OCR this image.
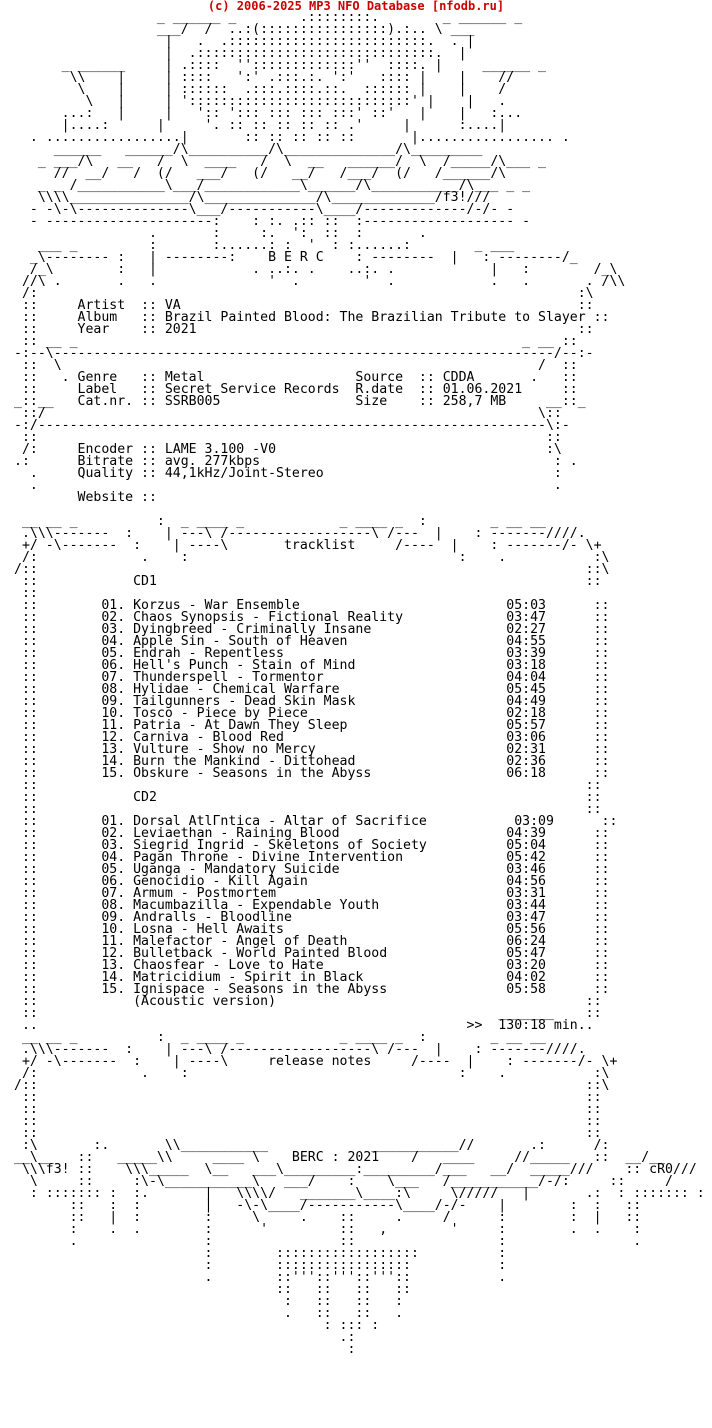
(c) 2006-2025 MP3 NFO Database [nfodb.ru]
_ ______ _        .::::::::.        _ ______ _
___/  /  ..:(::::::::::::::::).:.. \ ___
|   .  .:::::::::::::::::::::::::.  . |
|  .::::::::::::::::::::::::::::::.  |
_ ______     | .::::  '':::::::::::::''  ::::. |     ______ _
\\    |     | ::::   ':' .:::.:. ':'   :::: |    |    //
\    |     | ::::::  .:::.::::.::.  :::::: |    |    /
\   |     | '::::::::::::::::::::::::::::' |    |   .
...:   |     |   ':: '::: ::: ::: :::' ::'   |    |   :...
|....:      |     '. :: :: :: :: :: .'     |      :....|
. .................|       :: :: :: :: ::       |................. .
______   ______/\__________/\______________/\_________
_ ___/\   __   /  \  ____   /  \  __   ______/  \  /_____/\___ _
//  __/   /  (/   ___/   (/   __/   /___/  (/   /______/\
_ _ /___________\___/____________\______/\___________/\___ _ _
\\\\_______________/\______________/\_____________/f3!///
- -\-\--------------\___/-----------\____/-------------/-/- -
- ---------------------:    : :. .:: ::  :------------------- -
.       :     :.  ':  ::  :       .
___ _         :       :......: :  '  : :......:        _ ___
_\-------- :   | --------:    B E R C    : --------  |   : --------/_
/_\        :   |            . ..:. .    ..:. .            |   :        /_\
//\ .       .   .              '  .        '  .            .   .       . /\\
/:                                                                    :\
::     Artist  :: VA                                                  ::
::     Album   :: Brazil Painted Blood: The Brazilian Tribute to Slayer ::
::     Year    :: 2021                                                ::
:: __ _                                                        _ __ ::
-:--\---------------------------------------------------------------/--:-
::  \                                                            /  ::
::   . Genre   :: Metal                   Source  :: CDDA       .   ::
::     Label   :: Secret Service Records  R.date  :: 01.06.2021     ::
_::__   Cat.nr. :: SSRB005                 Size    :: 258,7 MB     __::_
::/                                                              \::
-:/----------------------------------------------------------------\:-
::                                                                ::
/:     Encoder :: LAME 3.100 -V0                                  :\
.:      Bitrate :: avg. 277kbps                                     : .
.     Quality :: 44,1kHz/Joint-Stereo                             :
.                                                                 .
Website ::

__ __ _          :  _ ____ _            _ ____ _  :        _ __ __
.\\\-------  :    | ---\ /------------------\ /---  |    : -------////.
+/ -\-------  :    | ----\       tracklist     /----  |    : -------/- \+
/:             .    :                                  :    .           :\
/::                                                                     ::\
::            CD1                                                      ::
::
::        01. Korzus - War Ensemble                          05:03      ::
::        02. Chaos Synopsis - Fictional Reality             03:47      ::
::        03. Dyingbreed - Criminally Insane                 02:27      ::
::        04. Apple Sin - South of Heaven                    04:55      ::
::        05. Endrah - Repentless                            03:39      ::
::        06. Hell's Punch - Stain of Mind                   03:18      ::
::        07. Thunderspell - Tormentor                       04:04      ::
::        08. Hylidae - Chemical Warfare                     05:45      ::
::        09. Tailgunners - Dead Skin Mask                   04:49      ::
::        10. Tosco - Piece by Piece                         02:18      ::
::        11. Patria - At Dawn They Sleep                    05:57      ::
::        12. Carniva - Blood Red                            03:06      ::
::        13. Vulture - Show no Mercy                        02:31      ::
::        14. Burn the Mankind - Dittohead                   02:36      ::
::        15. Obskure - Seasons in the Abyss                 06:18      ::
::                                                                     ::
::            CD2                                                      ::
::                                                                     ::
::        01. Dorsal AtlГntica - Altar of Sacrifice           03:09      ::
::        02. Leviaethan - Raining Blood                     04:39      ::
::        03. Siegrid Ingrid - Skeletons of Society          05:04      ::
::        04. Pagan Throne - Divine Intervention             05:42      ::
::        05. Uganga - Mandatory Suicide                     03:46      ::
::        06. Genocidio - Kill Again                         04:56      ::
::        07. Armum - Postmortem                             03:31      ::
::        08. Macumbazilla - Expendable Youth                03:44      ::
::        09. Andralls - Bloodline                           03:47      ::
::        10. Losna - Hell Awaits                            05:56      ::
::        11. Malefactor - Angel of Death                    06:24      ::
::        12. Bulletback - World Painted Blood               05:47      ::
::        13. Chaosfear - Love to Hate                       03:20      ::
::        14. Matricidium - Spirit in Black                  04:02      ::
::        15. Ignispace - Seasons in the Abyss               05:58      ::
::            (Acoustic version)                                       ::
::                                                          _______    ::
..                                                      >>  130:18 min..
__ __ _          :  _ ____ _            _ ____ _  :        _ __ __
.\\\-------  :    | ---\ /------------------\ /---  |    : -------////.
+/ -\-------  :    | ----\     release notes     /----  |    : -------/- \+
/:             .    :                                  :    .           :\
/::                                                                     ::\
::                                                                     ::
::                                                                     ::
::                                                                     ::
::                                                                     ::
:\       :.       \\___________             ___________//       .:      /:
__\__   ::   _____\\     ____ \    BERC : 2021    /   ____     //_____   ::  __/__
\\\f3! ::    \\\_____  \__   ___\_________:_________/___   __/  _____///    :: cR0///
\     ::     :\-\___________\   ___/    :    \___   /___________/-/:     ::     /
: ::::::: :  :.       |   \\\\/   _______\____:\     \/////   |       .:  : ::::::: :
::   :  :        |   -\-\____/-----------\____/-/-    |        :  :   ::
::   |  :        :     \     .    ::     .     /      :        :  |   ::
:    .  .        :      '         ::   ,        '     :        .  .    :
.                :                ::                  :                .
:        ::::::::::::::::::          :
:        :::::::::::::::::           :
.        ::'''::'''::'''::           .
::   ::   ::   ::
:   ::   ::   :
.   ::   ::   .
: ::: :
.:
:
